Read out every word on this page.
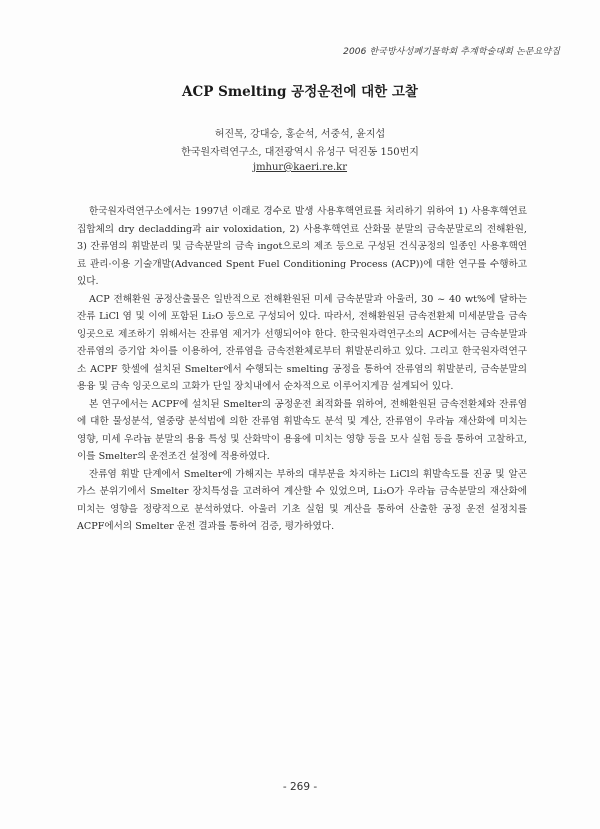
2006 한국방사성폐기물학회 추계학술대회 논문요약집
ACP Smelting 공정운전에 대한 고찰
허진목, 강대승, 홍순석, 서중석, 윤지섭
한국원자력연구소, 대전광역시 유성구 덕진동 150번지
jmhur@kaeri.re.kr

한국원자력연구소에서는 1997년 이래로 경수로 발생 사용후핵연료를 처리하기 위하여 1) 사용후핵연료 집합체의 dry decladding과 air voloxidation, 2) 사용후핵연료 산화물 분말의 금속분말로의 전해환원, 3) 잔류염의 휘발분리 및 금속분말의 금속 ingot으로의 제조 등으로 구성된 건식공정의 일종인 사용후핵연료 관리·이용 기술개발(Advanced Spent Fuel Conditioning Process (ACP))에 대한 연구를 수행하고 있다.

ACP 전해환원 공정산출물은 일반적으로 전해환원된 미세 금속분말과 아울러, 30 ~ 40 wt%에 달하는 잔류 LiCl 염 및 이에 포함된 Li₂O 등으로 구성되어 있다. 따라서, 전해환원된 금속전환체 미세분말을 금속잉곳으로 제조하기 위해서는 잔류염 제거가 선행되어야 한다. 한국원자력연구소의 ACP에서는 금속분말과 잔류염의 증기압 차이를 이용하여, 잔류염을 금속전환체로부터 휘발분리하고 있다. 그리고 한국원자력연구소 ACPF 핫셀에 설치된 Smelter에서 수행되는 smelting 공정을 통하여 잔류염의 휘발분리, 금속분말의 용융 및 금속 잉곳으로의 고화가 단일 장치내에서 순차적으로 이루어지게끔 설계되어 있다.

본 연구에서는 ACPF에 설치된 Smelter의 공정운전 최적화를 위하여, 전해환원된 금속전환체와 잔류염에 대한 물성분석, 열중량 분석법에 의한 잔류염 휘발속도 분석 및 계산, 잔류염이 우라늄 재산화에 미치는 영향, 미세 우라늄 분말의 용융 특성 및 산화막이 용융에 미치는 영향 등을 모사 실험 등을 통하여 고찰하고, 이를 Smelter의 운전조건 설정에 적용하였다.

잔류염 휘발 단계에서 Smelter에 가해지는 부하의 대부분을 차지하는 LiCl의 휘발속도를 진공 및 알곤 가스 분위기에서 Smelter 장치특성을 고려하여 계산할 수 있었으며, Li₂O가 우라늄 금속분말의 재산화에 미치는 영향을 정량적으로 분석하였다. 아울러 기초 실험 및 계산을 통하여 산출한 공정 운전 설정치를 ACPF에서의 Smelter 운전 결과를 통하여 검증, 평가하였다.

- 269 -
